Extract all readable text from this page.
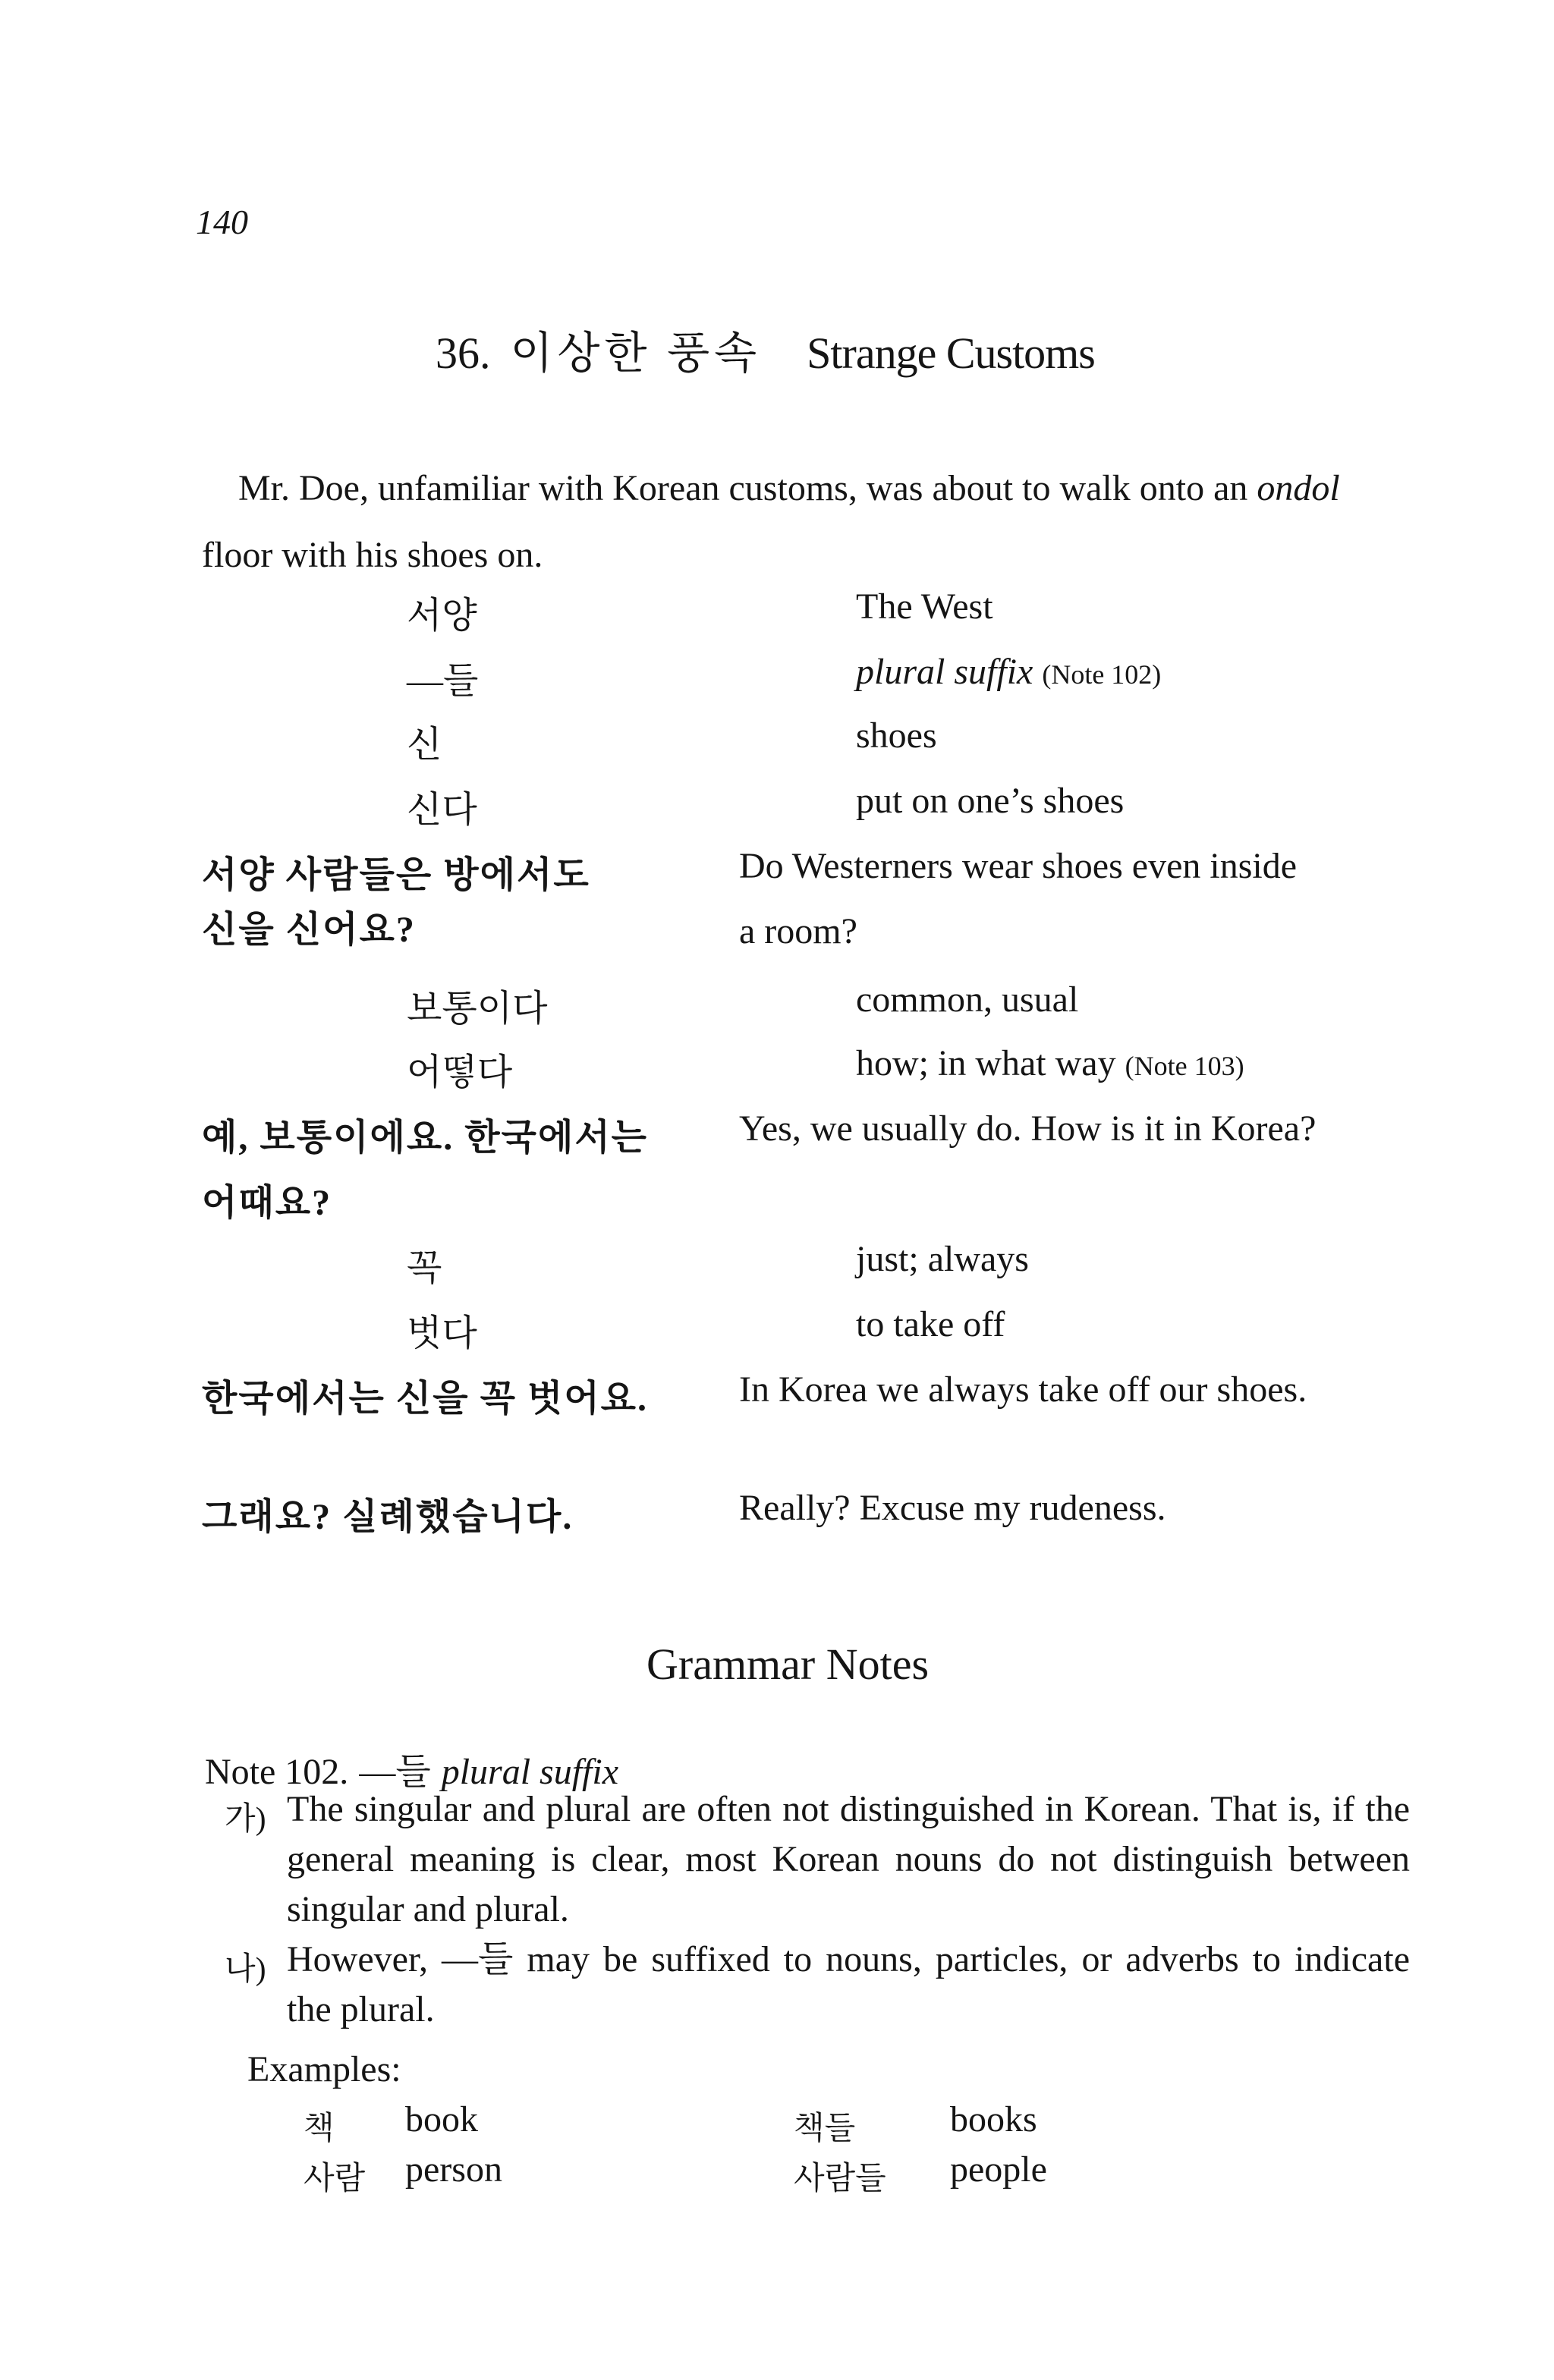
140
36. 이상한 풍속 Strange Customs
Mr. Doe, unfamiliar with Korean customs, was about to walk onto an ondol floor with his shoes on.
서양	The West
—들	plural suffix (Note 102)
신	shoes
신다	put on one’s shoes
서양 사람들은 방에서도
신을 신어요?
Do Westerners wear shoes even inside
a room?
보통이다	common, usual
어떻다	how; in what way (Note 103)
예, 보통이에요. 한국에서는
어때요?
Yes, we usually do. How is it in Korea?
꼭	just; always
벗다	to take off
한국에서는 신을 꼭 벗어요. In Korea we always take off our shoes.
그래요? 실례했습니다.	Really? Excuse my rudeness.
Grammar Notes
Note 102. —들 plural suffix
가) The singular and plural are often not distinguished in Korean. That is, if the general meaning is clear, most Korean nouns do not distinguish between singular and plural.
나) However, —들 may be suffixed to nouns, particles, or adverbs to indicate the plural.
Examples:
책 book	책들	books
사람 person	사람들 people
